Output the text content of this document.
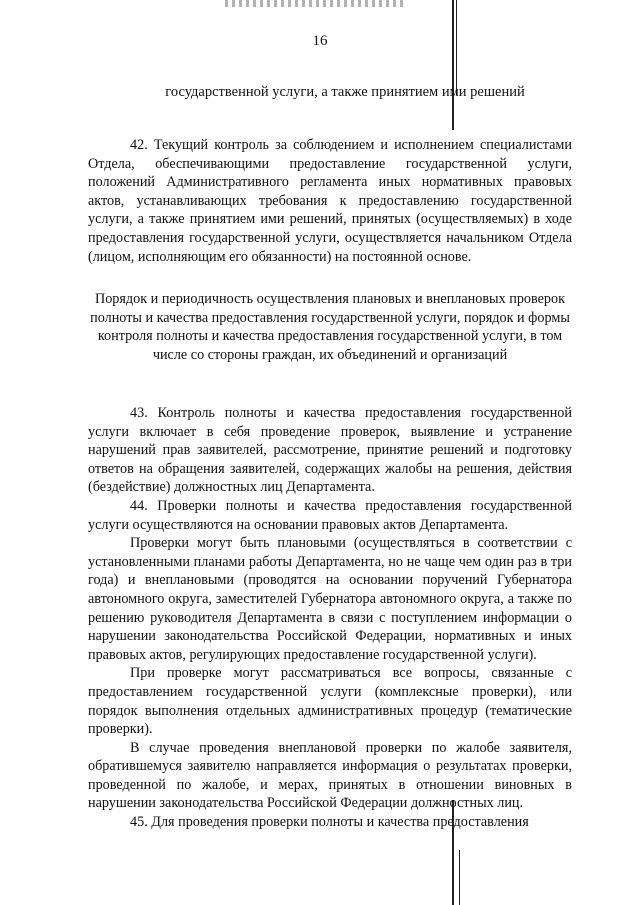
16
государственной услуги, а также принятием ими решений

42. Текущий контроль за соблюдением и исполнением специалистами Отдела, обеспечивающими предоставление государственной услуги, положений Административного регламента иных нормативных правовых актов, устанавливающих требования к предоставлению государственной услуги, а также принятием ими решений, принятых (осуществляемых) в ходе предоставления государственной услуги, осуществляется начальником Отдела (лицом, исполняющим его обязанности) на постоянной основе.

Порядок и периодичность осуществления плановых и внеплановых проверок полноты и качества предоставления государственной услуги, порядок и формы контроля полноты и качества предоставления государственной услуги, в том числе со стороны граждан, их объединений и организаций

43. Контроль полноты и качества предоставления государственной услуги включает в себя проведение проверок, выявление и устранение нарушений прав заявителей, рассмотрение, принятие решений и подготовку ответов на обращения заявителей, содержащих жалобы на решения, действия (бездействие) должностных лиц Департамента.

44. Проверки полноты и качества предоставления государственной услуги осуществляются на основании правовых актов Департамента.

Проверки могут быть плановыми (осуществляться в соответствии с установленными планами работы Департамента, но не чаще чем один раз в три года) и внеплановыми (проводятся на основании поручений Губернатора автономного округа, заместителей Губернатора автономного округа, а также по решению руководителя Департамента в связи с поступлением информации о нарушении законодательства Российской Федерации, нормативных и иных правовых актов, регулирующих предоставление государственной услуги).

При проверке могут рассматриваться все вопросы, связанные с предоставлением государственной услуги (комплексные проверки), или порядок выполнения отдельных административных процедур (тематические проверки).

В случае проведения внеплановой проверки по жалобе заявителя, обратившемуся заявителю направляется информация о результатах проверки, проведенной по жалобе, и мерах, принятых в отношении виновных в нарушении законодательства Российской Федерации должностных лиц.

45. Для проведения проверки полноты и качества предоставления
